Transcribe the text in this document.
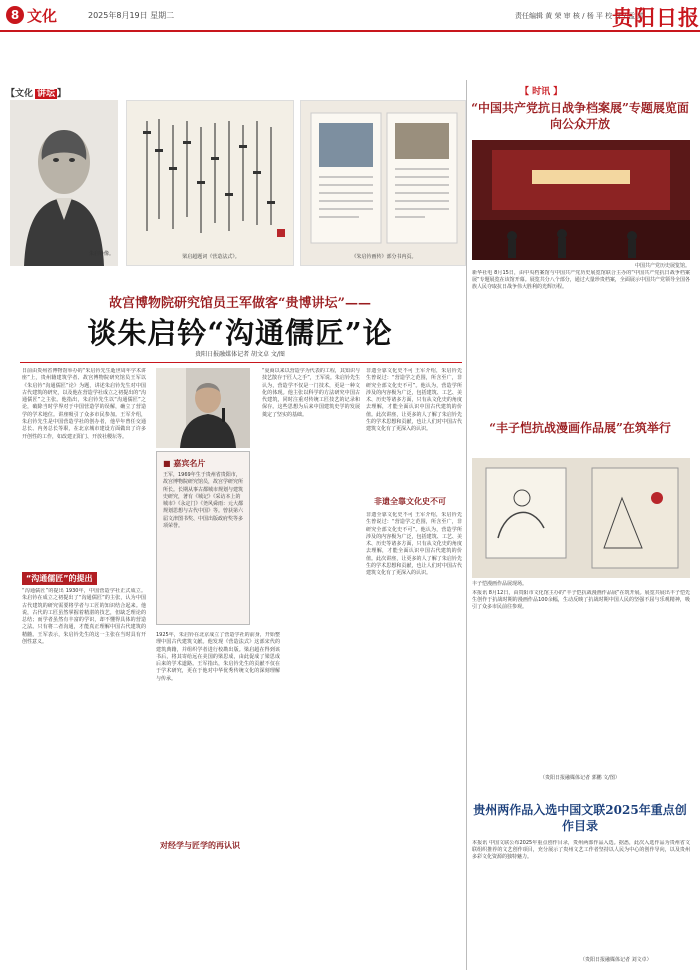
8 文化	2025年8月19日 星期二	责任编辑 黄 荣 审 核 / 杨 平 校 对 / 孟 婷
贵阳日报
【文化 讲坛 】
朱启钤像。	梁启超题词《营造法式》。	《朱启钤画传》部分书内页。
故宫博物院研究馆员王军做客“贵博讲坛”——
谈朱启钤“沟通儒匠”论
贵阳日报融媒体记者 胡文卓 文/图
日前由贵州省博物馆举办的“朱启钤先生逝世周年学术讲座”上，贵州籍建筑学者、故宫博物院研究馆员王军以《朱启钤“沟通儒匠”论》为题，讲述朱启钤先生对中国古代建筑的研究，以及他在营造学社成立之初提出的“沟通儒匠”之主张。他指出，朱启钤先生以“沟通儒匠”之论，破除当时学界对于中国营造学的误解，确立了营造学的学术地位。讲座吸引了众多市民参加。王军介绍，朱启钤先生是中国营造学社的创办者，他早年曾任交通总长、内务总长等职，在北京城市建设方面做出了许多开创性的工作，如改建正阳门、开放社稷坛等。
■ 嘉宾名片
王军，1969年生于贵州省贵阳市，故宫博物院研究馆员，故宫学研究所所长。长期从事古都城市规划与建筑史研究，著有《城记》《采访本上的城市》《永定门》《尧风舜雨：元大都规划思想与古代中国》等。曾获第六届文津图书奖、中国出版政府奖等多项荣誉。
“沟通儒匠”的提出
“沟通儒匠”的提出 1930年，中国营造学社正式成立。朱启钤在成立之初提出了“沟通儒匠”的主张，认为中国古代建筑的研究需要将学者与工匠的知识结合起来。他说，古代的工匠虽然掌握着精湛的技艺，但缺乏理论的总结；而学者虽然有丰富的学识，却不懂得具体的营造之法。只有将二者沟通，才能真正理解中国古代建筑的精髓。王军表示，朱启钤先生的这一主张在当时具有开创性意义。
1925年，朱启钤在北京成立了营造学社的前身，开始整理中国古代建筑文献。他发现《营造法式》这部宋代的建筑典籍，并组织学者进行校勘出版。梁启超在得到该书后，将其寄给远在美国的梁思成，由此促成了梁思成后来的学术道路。王军指出，朱启钤先生的贡献不仅在于学术研究，更在于他对中华优秀传统文化的深刻理解与传承。
对经学与匠学的再认识
“夏商以来以营造学为代表的工程，其知识与技艺散存于匠人之手”，王军说。朱启钤先生认为，营造学不仅是一门技术，更是一种文化的体现。他主张以科学的方法研究中国古代建筑，同时注重对传统工匠技艺的记录和保存。这些思想为后来中国建筑史学的发展奠定了坚实的基础。
非遗全靠文化史不可
非遗全靠文化史不可 王军介绍，朱启钤先生曾说过：“营造学之范围，所含至广，非研究全部文化史不可”。他认为，营造学所涉及的内容极为广泛，包括建筑、工艺、美术、历史等诸多方面，只有从文化史的角度去理解，才能全面认识中国古代建筑的价值。此次讲座，让更多的人了解了朱启钤先生的学术思想和贡献，也让人们对中国古代建筑文化有了更深入的认识。
非遗全靠文化史不可 王军介绍，朱启钤先生曾说过：“营造学之范围，所含至广，非研究全部文化史不可”。他认为，营造学所涉及的内容极为广泛，包括建筑、工艺、美术、历史等诸多方面，只有从文化史的角度去理解，才能全面认识中国古代建筑的价值。此次讲座，让更多的人了解了朱启钤先生的学术思想和贡献，也让人们对中国古代建筑文化有了更深入的认识。
【 时讯 】
“中国共产党抗日战争档案展”专题展览面向公众开放
中国共产党历史展览馆。
新华社电 8月15日，由中央档案馆与中国共产党历史展览馆联合主办的“中国共产党抗日战争档案展”专题展览在该馆开幕。展览共分八个部分，通过大量珍贵档案，全面展示中国共产党领导全国各族人民夺取抗日战争伟大胜利的光辉历程。
“丰子恺抗战漫画作品展”在筑举行
丰子恺漫画作品展现场。
本报讯 8月12日，由贵阳市文化馆主办的“丰子恺抗战漫画作品展”在筑开展。展览共展出丰子恺先生创作于抗战时期的漫画作品100余幅，生动反映了抗战时期中国人民的坚强不屈与乐观精神，吸引了众多市民前往参观。
（贵阳日报融媒体记者 郭鹏 文/图）
贵州两作品入选中国文联2025年重点创作目录
本报讯 中国文联公布2025年重点创作目录，贵州两部作品入选。据悉，此次入选作品为贵州省文联组织推荐的文艺创作项目，充分展示了贵州文艺工作者坚持以人民为中心的创作导向，以及贵州多彩文化资源的独特魅力。
（贵阳日报融媒体记者 刘文卓）
